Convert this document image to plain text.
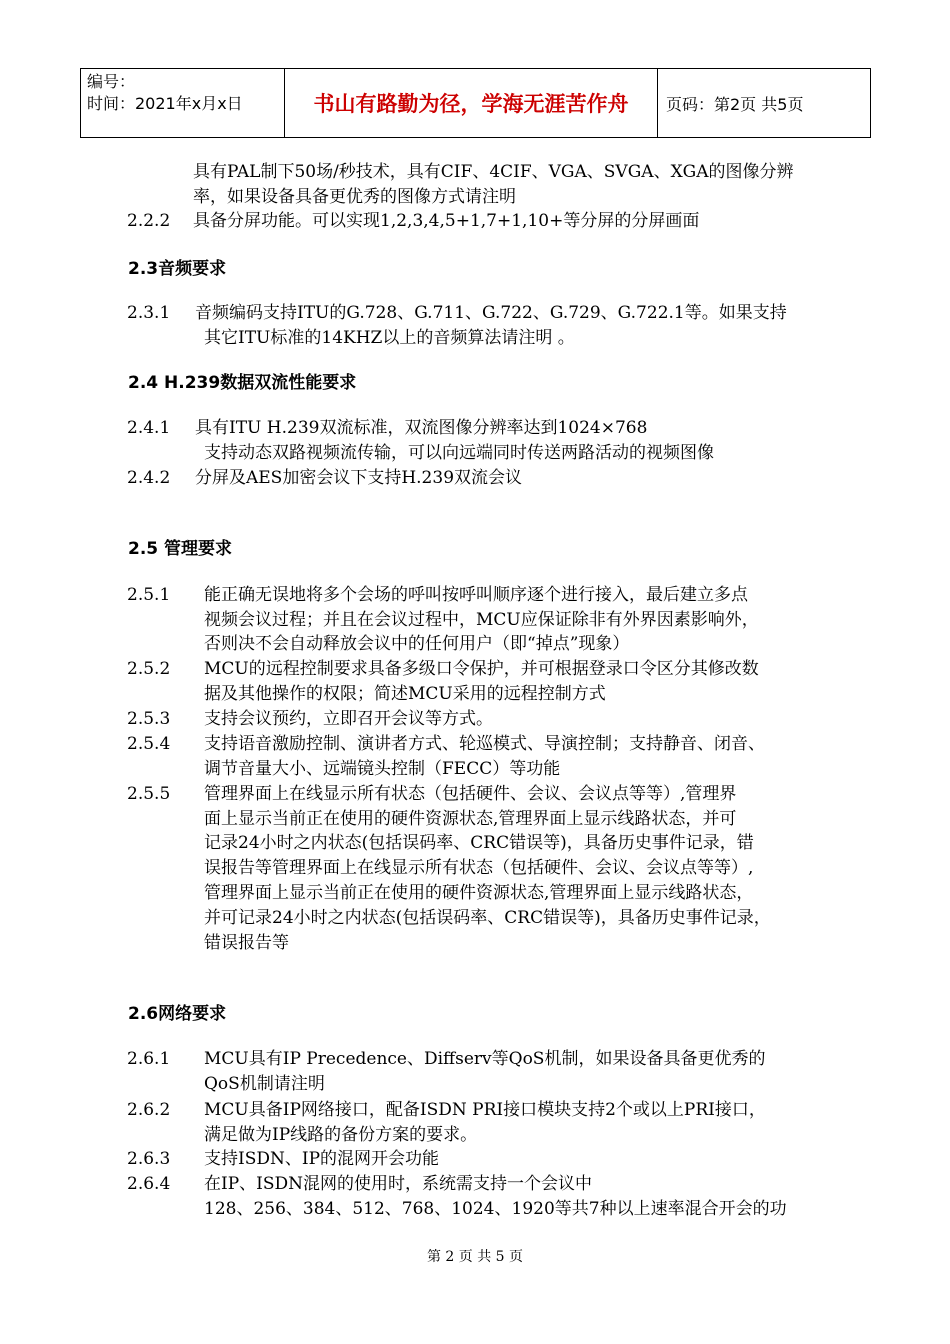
编号：
时间：2021年x月x日	书山有路勤为径，学海无涯苦作舟	页码：第2页 共5页
具有PAL制下50场/秒技术，具有CIF、4CIF、VGA、SVGA、XGA的图像分辨
率，如果设备具备更优秀的图像方式请注明
2.2.2 具备分屏功能。可以实现1,2,3,4,5+1,7+1,10+等分屏的分屏画面
2.3音频要求
2.3.1 音频编码支持ITU的G.728、G.711、G.722、G.729、G.722.1等。如果支持
其它ITU标准的14KHZ以上的音频算法请注明 。
2.4 H.239数据双流性能要求
2.4.1 具有ITU H.239双流标准，双流图像分辨率达到1024×768
支持动态双路视频流传输，可以向远端同时传送两路活动的视频图像
2.4.2 分屏及AES加密会议下支持H.239双流会议
2.5 管理要求
2.5.1 能正确无误地将多个会场的呼叫按呼叫顺序逐个进行接入，最后建立多点
视频会议过程；并且在会议过程中，MCU应保证除非有外界因素影响外，
否则决不会自动释放会议中的任何用户（即“掉点”现象）
2.5.2 MCU的远程控制要求具备多级口令保护，并可根据登录口令区分其修改数
据及其他操作的权限；简述MCU采用的远程控制方式
2.5.3 支持会议预约，立即召开会议等方式。
2.5.4 支持语音激励控制、演讲者方式、轮巡模式、导演控制；支持静音、闭音、
调节音量大小、远端镜头控制（FECC）等功能
2.5.5 管理界面上在线显示所有状态（包括硬件、会议、会议点等等）,管理界
面上显示当前正在使用的硬件资源状态,管理界面上显示线路状态，并可
记录24小时之内状态(包括误码率、CRC错误等)，具备历史事件记录，错
误报告等管理界面上在线显示所有状态（包括硬件、会议、会议点等等）,
管理界面上显示当前正在使用的硬件资源状态,管理界面上显示线路状态，
并可记录24小时之内状态(包括误码率、CRC错误等)，具备历史事件记录，
错误报告等
2.6网络要求
2.6.1 MCU具有IP Precedence、Diffserv等QoS机制，如果设备具备更优秀的
QoS机制请注明
2.6.2 MCU具备IP网络接口，配备ISDN PRI接口模块支持2个或以上PRI接口，
满足做为IP线路的备份方案的要求。
2.6.3 支持ISDN、IP的混网开会功能
2.6.4 在IP、ISDN混网的使用时，系统需支持一个会议中
128、256、384、512、768、1024、1920等共7种以上速率混合开会的功
第 2 页 共 5 页
